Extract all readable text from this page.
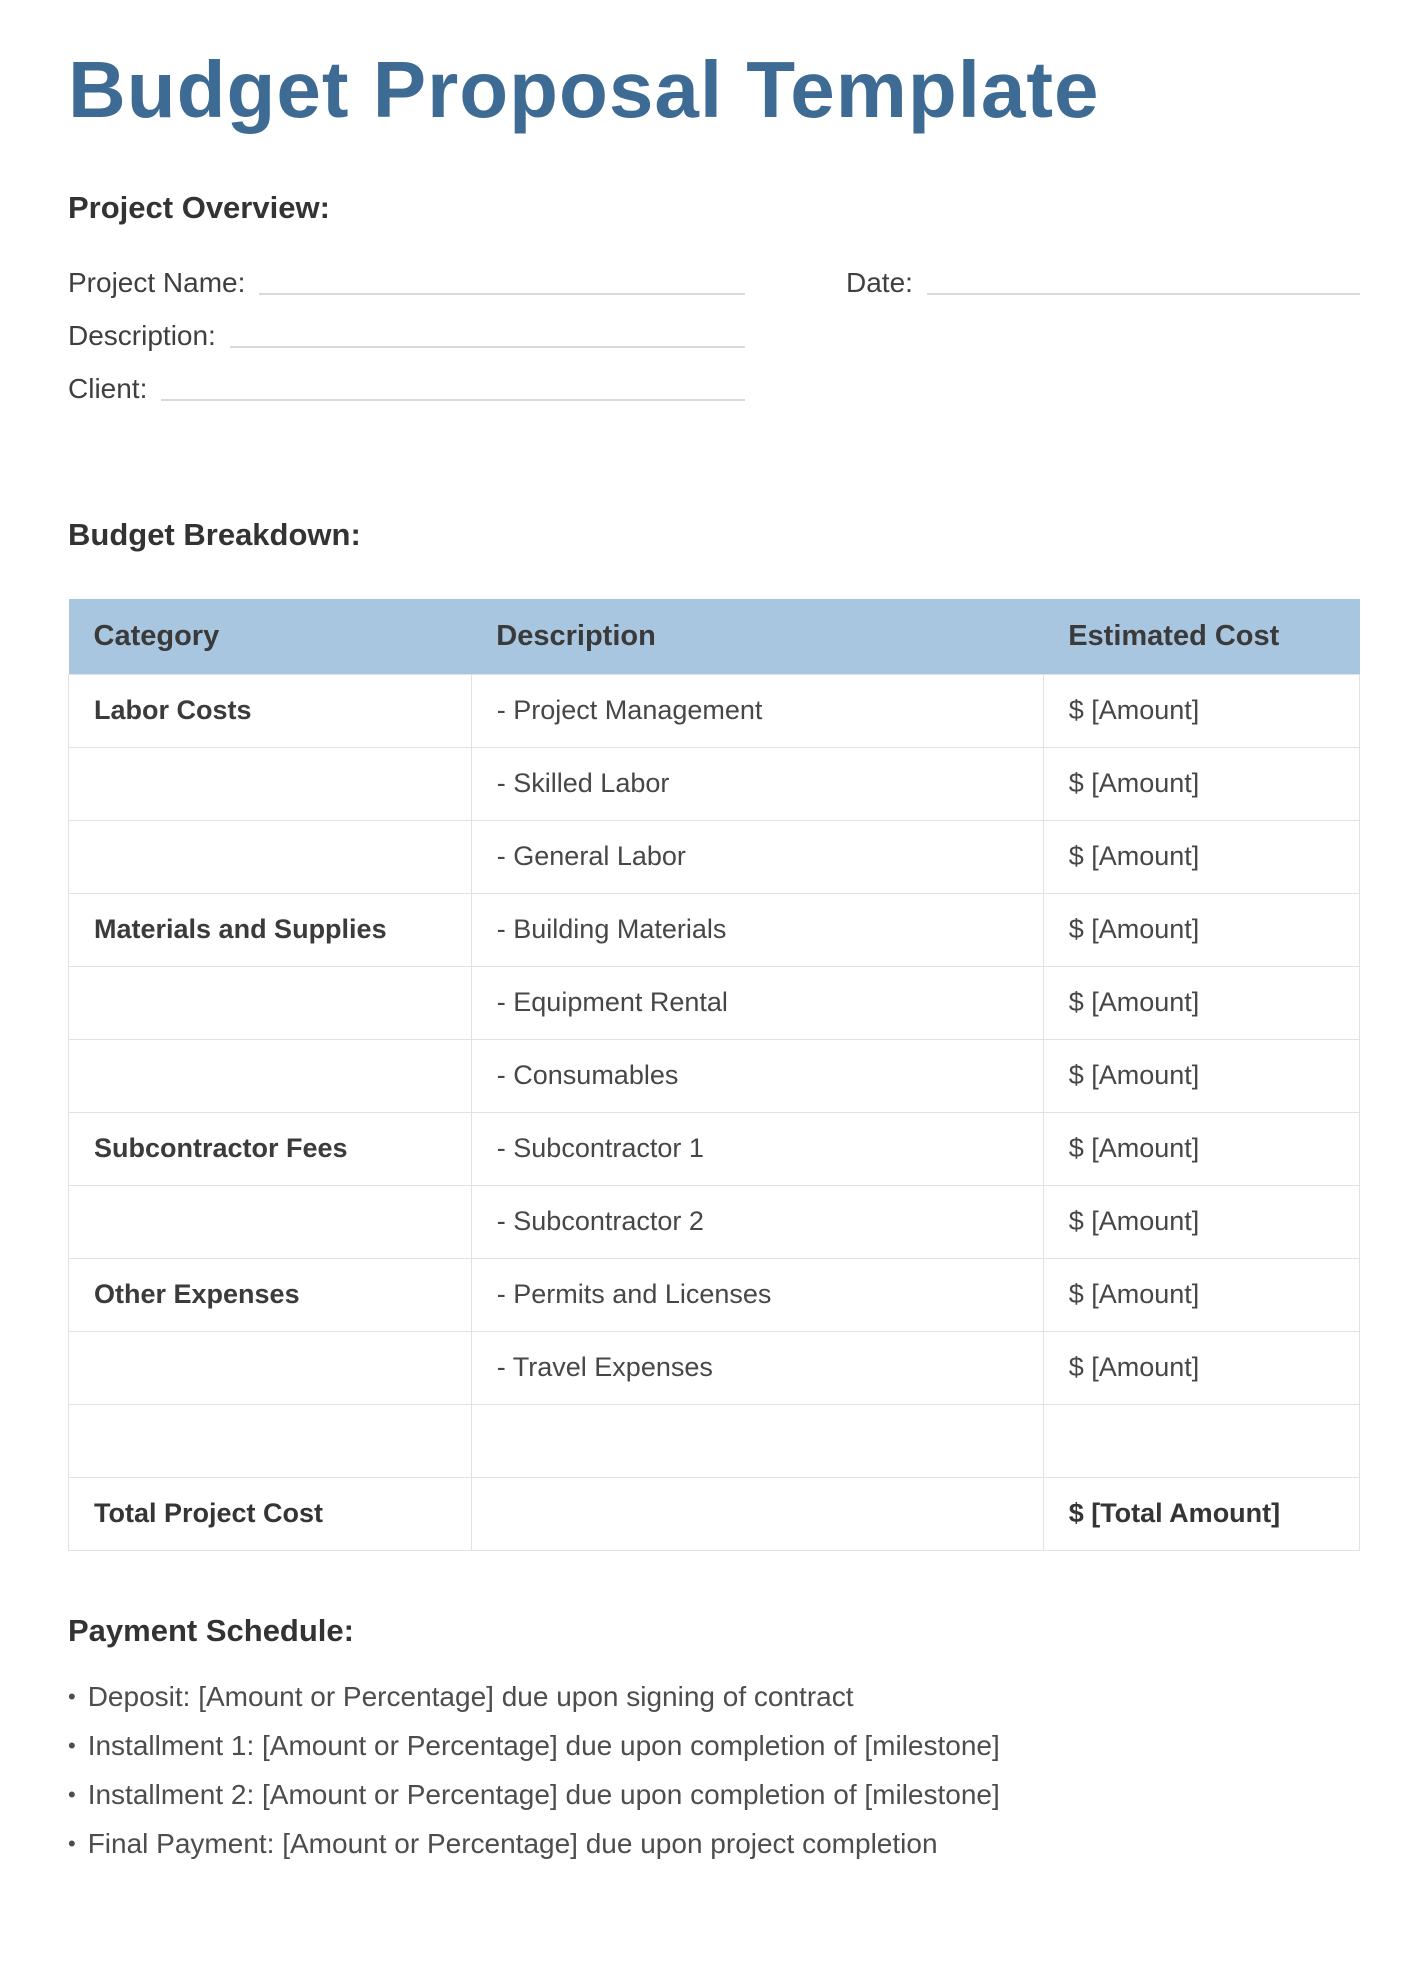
Budget Proposal Template
Project Overview:
Project Name:	Date:
Description:
Client:
Budget Breakdown:
Category	Description	Estimated Cost
Labor Costs	- Project Management	$ [Amount]
	- Skilled Labor	$ [Amount]
	- General Labor	$ [Amount]
Materials and Supplies	- Building Materials	$ [Amount]
	- Equipment Rental	$ [Amount]
	- Consumables	$ [Amount]
Subcontractor Fees	- Subcontractor 1	$ [Amount]
	- Subcontractor 2	$ [Amount]
Other Expenses	- Permits and Licenses	$ [Amount]
	- Travel Expenses	$ [Amount]

Total Project Cost		$ [Total Amount]
Payment Schedule:
• Deposit: [Amount or Percentage] due upon signing of contract
• Installment 1: [Amount or Percentage] due upon completion of [milestone]
• Installment 2: [Amount or Percentage] due upon completion of [milestone]
• Final Payment: [Amount or Percentage] due upon project completion
